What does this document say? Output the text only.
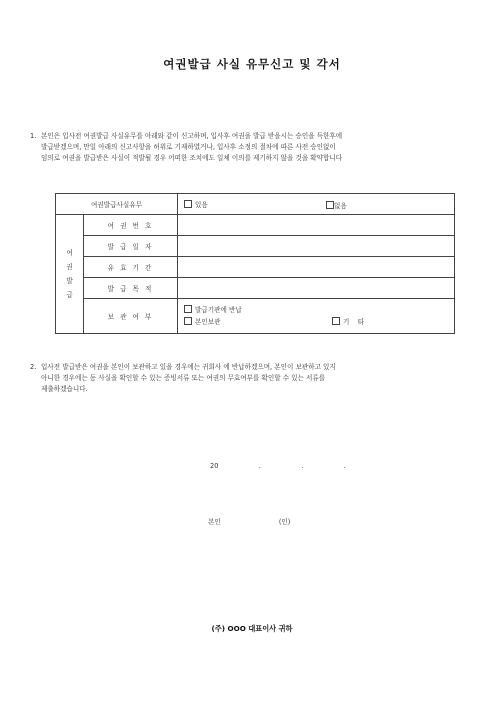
여권발급 사실 유무신고 및 각서
1. 본인은 입사전 여권발급 사실유무를 아래와 같이 신고하며, 입사후 여권을 발급 받을시는 승인을 득한후에
발급받겠으며, 만일 아래의 신고사항을 허위로 기재하였거나, 입사후 소정의 절차에 따른 사전 승인없이
임의로 여권을 발급받은 사실이 적발될 경우 어떠한 조치에도 일체 이의를 제기하지 않을 것을 확약합니다
여권발급사실유무		있음 없음

여
권
발
급	여 권 번 호	
	발 급 일 자	
	유 효 기 간	
	발 급 목 적	
	보 관 여 부	발급기관에 반납
본인보관 기    타
2. 입사전 발급받은 여권을 본인이 보관하고 있을 경우에는 귀회사 에 반납하겠으며, 본인이 보관하고 있지
아니한 경우에는 동 사실을 확인할 수 있는 증빙서류 또는 여권의 무효여부를 확인할 수 있는 서류를
제출하겠습니다.
20    .    .    .
본인	(인)
(주) OOO 대표이사 귀하
